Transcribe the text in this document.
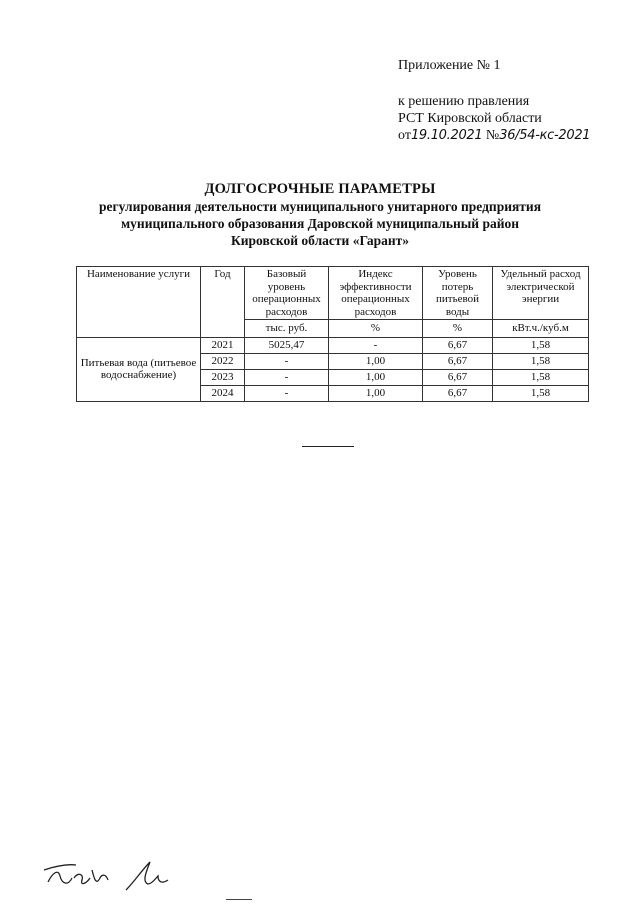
Приложение № 1
к решению правления
РСТ Кировской области
от19.10.2021 №36/54-кс-2021
ДОЛГОСРОЧНЫЕ ПАРАМЕТРЫ
регулирования деятельности муниципального унитарного предприятия
муниципального образования Даровской муниципальный район
Кировской области «Гарант»
Наименование услуги	Год	Базовый уровень операционных расходов	Индекс эффективности операционных расходов	Уровень потерь питьевой воды	Удельный расход электрической энергии
		тыс. руб.	%	%	кВт.ч./куб.м
Питьевая вода (питьевое водоснабжение)	2021	5025,47	-	6,67	1,58
	2022	-	1,00	6,67	1,58
	2023	-	1,00	6,67	1,58
	2024	-	1,00	6,67	1,58
